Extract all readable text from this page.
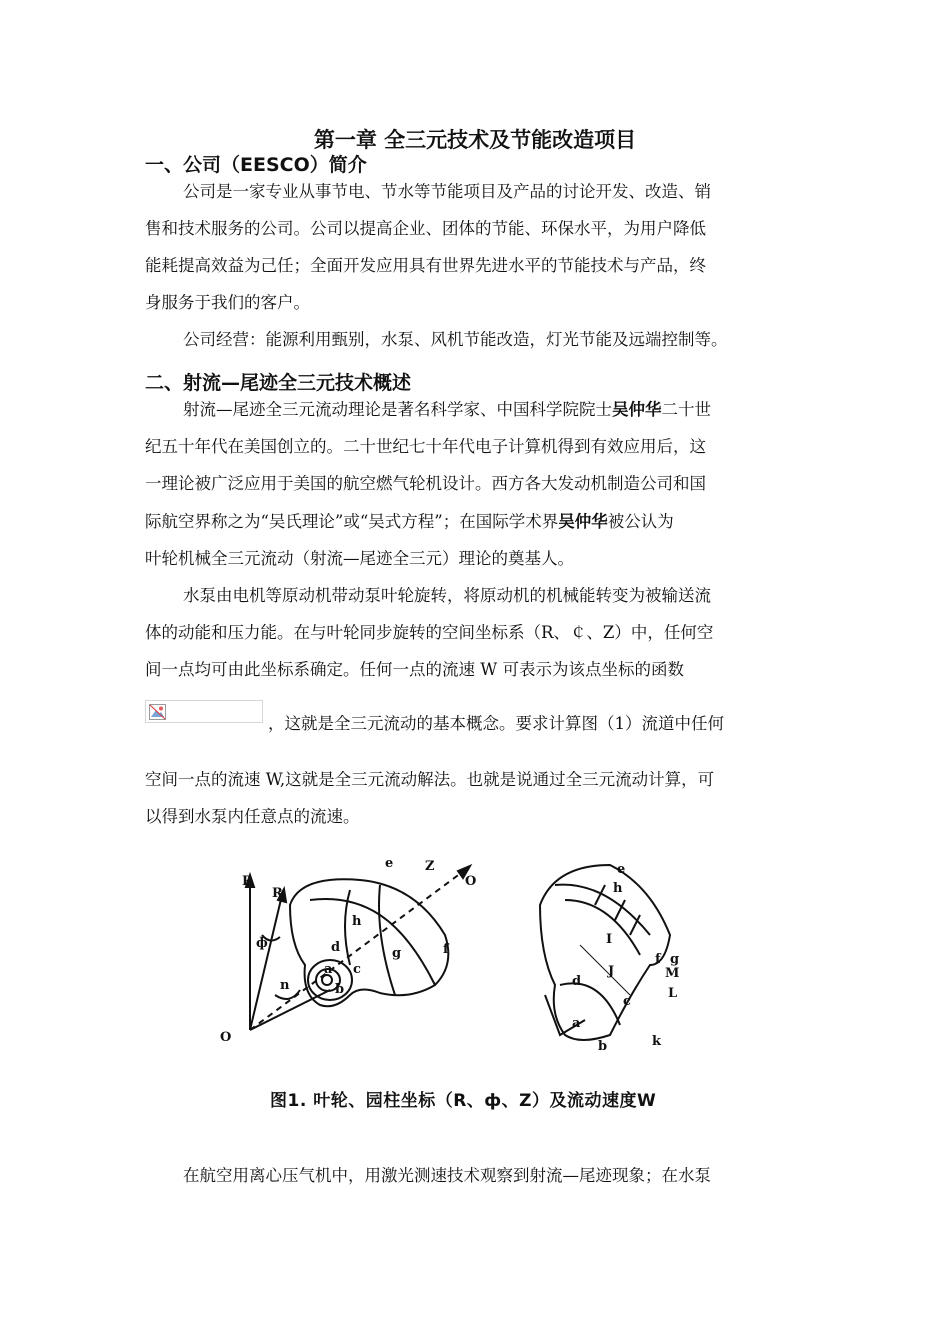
第一章 全三元技术及节能改造项目
一、公司（EESCO）简介
公司是一家专业从事节电、节水等节能项目及产品的讨论开发、改造、销
售和技术服务的公司。公司以提高企业、团体的节能、环保水平，为用户降低
能耗提高效益为己任；全面开发应用具有世界先进水平的节能技术与产品，终
身服务于我们的客户。
公司经营：能源利用甄别，水泵、风机节能改造，灯光节能及远端控制等。
二、射流—尾迹全三元技术概述
射流—尾迹全三元流动理论是著名科学家、中国科学院院士吴仲华二十世
纪五十年代在美国创立的。二十世纪七十年代电子计算机得到有效应用后，这
一理论被广泛应用于美国的航空燃气轮机设计。西方各大发动机制造公司和国
际航空界称之为“吴氏理论”或“吴式方程”；在国际学术界吴仲华被公认为
叶轮机械全三元流动（射流—尾迹全三元）理论的奠基人。
水泵由电机等原动机带动泵叶轮旋转，将原动机的机械能转变为被输送流
体的动能和压力能。在与叶轮同步旋转的空间坐标系（R、￠、Z）中，任何空
间一点均可由此坐标系确定。任何一点的流速 W 可表示为该点坐标的函数
，这就是全三元流动的基本概念。要求计算图（1）流道中任何
空间一点的流速 W,这就是全三元流动解法。也就是说通过全三元流动计算，可
以得到水泵内任意点的流速。
R
R
ф
n
O
a
b
c
d
e
f
g
h
Z
O
e
h
I
J	M
L
g
f
d
a
b
c
k
图1. 叶轮、园柱坐标（R、ф、Z）及流动速度W
在航空用离心压气机中，用激光测速技术观察到射流—尾迹现象；在水泵
